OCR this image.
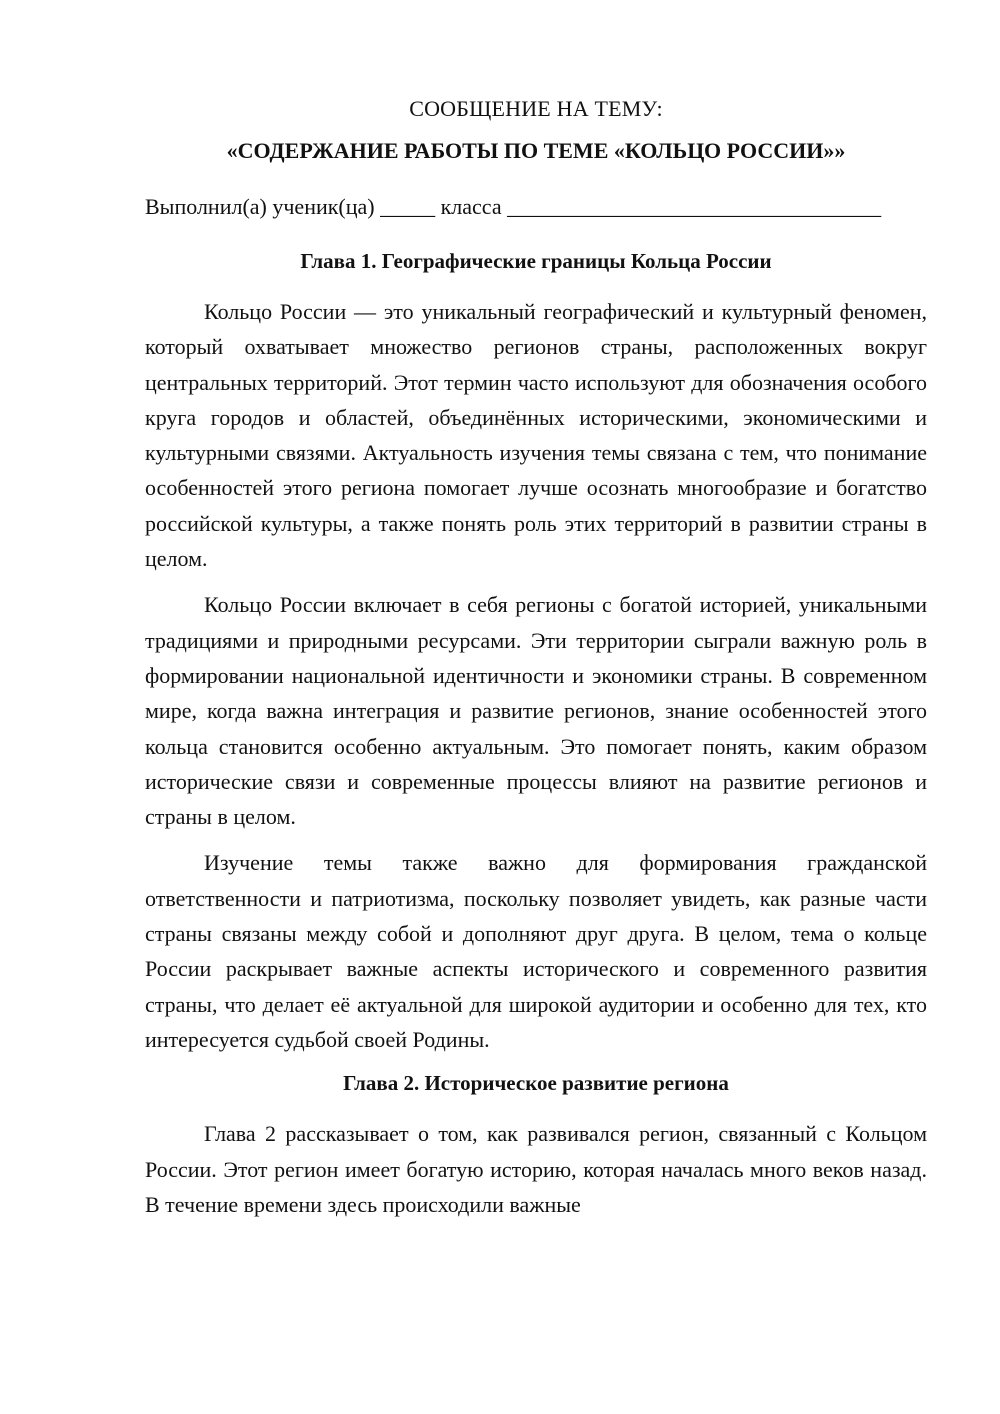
СООБЩЕНИЕ НА ТЕМУ:
«СОДЕРЖАНИЕ РАБОТЫ ПО ТЕМЕ «КОЛЬЦО РОССИИ»»
Выполнил(а) ученик(ца) _____ класса __________________________________
Глава 1. Географические границы Кольца России

Кольцо России — это уникальный географический и культурный феномен, который охватывает множество регионов страны, расположенных вокруг центральных территорий. Этот термин часто используют для обозначения особого круга городов и областей, объединённых историческими, экономическими и культурными связями. Актуальность изучения темы связана с тем, что понимание особенностей этого региона помогает лучше осознать многообразие и богатство российской культуры, а также понять роль этих территорий в развитии страны в целом.

Кольцо России включает в себя регионы с богатой историей, уникальными традициями и природными ресурсами. Эти территории сыграли важную роль в формировании национальной идентичности и экономики страны. В современном мире, когда важна интеграция и развитие регионов, знание особенностей этого кольца становится особенно актуальным. Это помогает понять, каким образом исторические связи и современные процессы влияют на развитие регионов и страны в целом.

Изучение темы также важно для формирования гражданской ответственности и патриотизма, поскольку позволяет увидеть, как разные части страны связаны между собой и дополняют друг друга. В целом, тема о кольце России раскрывает важные аспекты исторического и современного развития страны, что делает её актуальной для широкой аудитории и особенно для тех, кто интересуется судьбой своей Родины.

Глава 2. Историческое развитие региона

Глава 2 рассказывает о том, как развивался регион, связанный с Кольцом России. Этот регион имеет богатую историю, которая началась много веков назад. В течение времени здесь происходили важные
